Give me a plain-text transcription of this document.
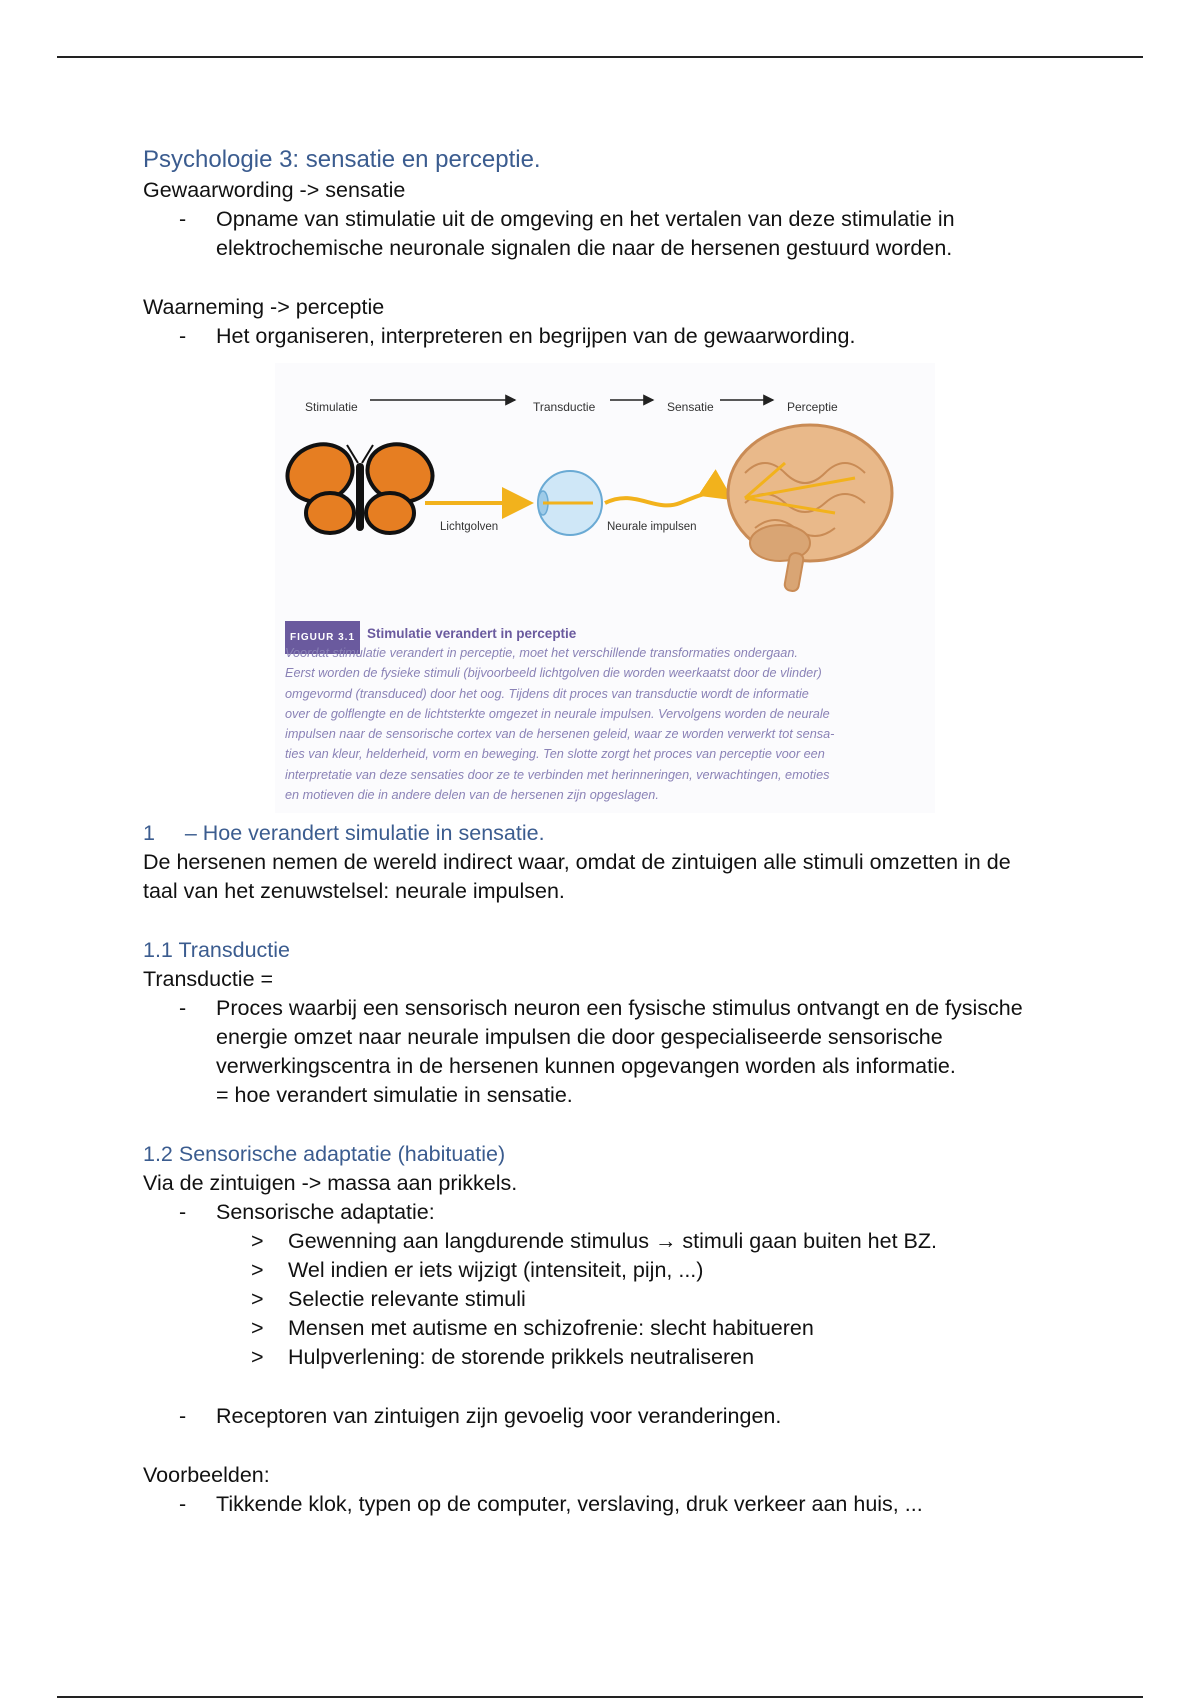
Psychologie 3: sensatie en perceptie.
Gewaarwording -> sensatie
- Opname van stimulatie uit de omgeving en het vertalen van deze stimulatie in
elektrochemische neuronale signalen die naar de hersenen gestuurd worden.
Waarneming -> perceptie
- Het organiseren, interpreteren en begrijpen van de gewaarwording.
Stimulatie	Transductie	Sensatie	Perceptie
Lichtgolven	Neurale impulsen
FIGUUR 3.1 Stimulatie verandert in perceptie
Voordat stimulatie verandert in perceptie, moet het verschillende transformaties ondergaan.
Eerst worden de fysieke stimuli (bijvoorbeeld lichtgolven die worden weerkaatst door de vlinder)
omgevormd (transduced) door het oog. Tijdens dit proces van transductie wordt de informatie
over de golflengte en de lichtsterkte omgezet in neurale impulsen. Vervolgens worden de neurale
impulsen naar de sensorische cortex van de hersenen geleid, waar ze worden verwerkt tot sensa-
ties van kleur, helderheid, vorm en beweging. Ten slotte zorgt het proces van perceptie voor een
interpretatie van deze sensaties door ze te verbinden met herinneringen, verwachtingen, emoties
en motieven die in andere delen van de hersenen zijn opgeslagen.
1     – Hoe verandert simulatie in sensatie.
De hersenen nemen de wereld indirect waar, omdat de zintuigen alle stimuli omzetten in de
taal van het zenuwstelsel: neurale impulsen.
1.1 Transductie
Transductie =
- Proces waarbij een sensorisch neuron een fysische stimulus ontvangt en de fysische
energie omzet naar neurale impulsen die door gespecialiseerde sensorische
verwerkingscentra in de hersenen kunnen opgevangen worden als informatie.
= hoe verandert simulatie in sensatie.
1.2 Sensorische adaptatie (habituatie)
Via de zintuigen -> massa aan prikkels.
- Sensorische adaptatie:
> Gewenning aan langdurende stimulus → stimuli gaan buiten het BZ.
> Wel indien er iets wijzigt (intensiteit, pijn, ...)
> Selectie relevante stimuli
> Mensen met autisme en schizofrenie: slecht habitueren
> Hulpverlening: de storende prikkels neutraliseren
- Receptoren van zintuigen zijn gevoelig voor veranderingen.
Voorbeelden:
- Tikkende klok, typen op de computer, verslaving, druk verkeer aan huis, ...
